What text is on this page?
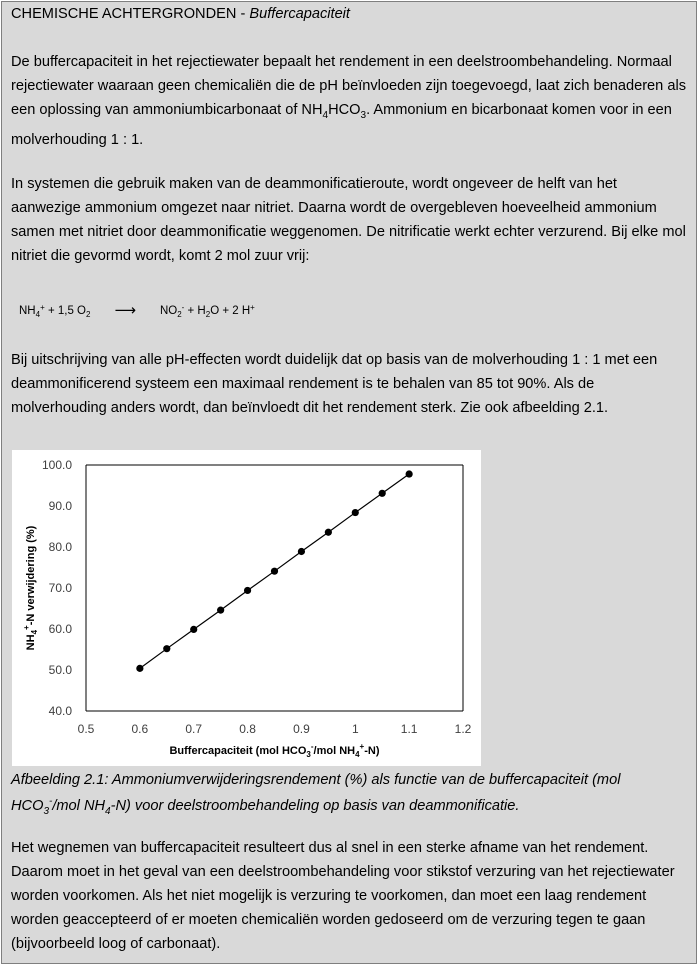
CHEMISCHE ACHTERGRONDEN - Buffercapaciteit
De buffercapaciteit in het rejectiewater bepaalt het rendement in een deelstroombehandeling. Normaal rejectiewater waaraan geen chemicaliën die de pH beïnvloeden zijn toegevoegd, laat zich benaderen als een oplossing van ammoniumbicarbonaat of $NH_4HCO_3$. Ammonium en bicarbonaat komen voor in een molverhouding 1 : 1.
In systemen die gebruik maken van de deammonificatieroute, wordt ongeveer de helft van het aanwezige ammonium omgezet naar nitriet. Daarna wordt de overgebleven hoeveelheid ammonium samen met nitriet door deammonificatie weggenomen. De nitrificatie werkt echter verzurend. Bij elke mol nitriet die gevormd wordt, komt 2 mol zuur vrij:
$NH_4^+ + 1,5$ $O_2$ ⟶ $NO_2^- + H_2O + 2$ H+
Bij uitschrijving van alle pH-effecten wordt duidelijk dat op basis van de molverhouding 1 : 1 met een deammonificerend systeem een maximaal rendement is te behalen van 85 tot 90%. Als de molverhouding anders wordt, dan beïnvloedt dit het rendement sterk. Zie ook afbeelding 2.1.
0.5	0.6	0.7	0.8	0.9	1	1.1	1.2
40.0
50.0
60.0
70.0
80.0
90.0
100.0
Buffercapaciteit (mol $HCO_3^-$/mol $NH_4^+-N$)
$NH_4^+-N$ verwijdering (%)
Afbeelding 2.1: Ammoniumverwijderingsrendement (%) als functie van de buffercapaciteit (mol $HCO_3^-$/mol $NH_4-N$) voor deelstroombehandeling op basis van deammonificatie.
Het wegnemen van buffercapaciteit resulteert dus al snel in een sterke afname van het rendement. Daarom moet in het geval van een deelstroombehandeling voor stikstof verzuring van het rejectiewater worden voorkomen. Als het niet mogelijk is verzuring te voorkomen, dan moet een laag rendement worden geaccepteerd of er moeten chemicaliën worden gedoseerd om de verzuring tegen te gaan (bijvoorbeeld loog of carbonaat).
